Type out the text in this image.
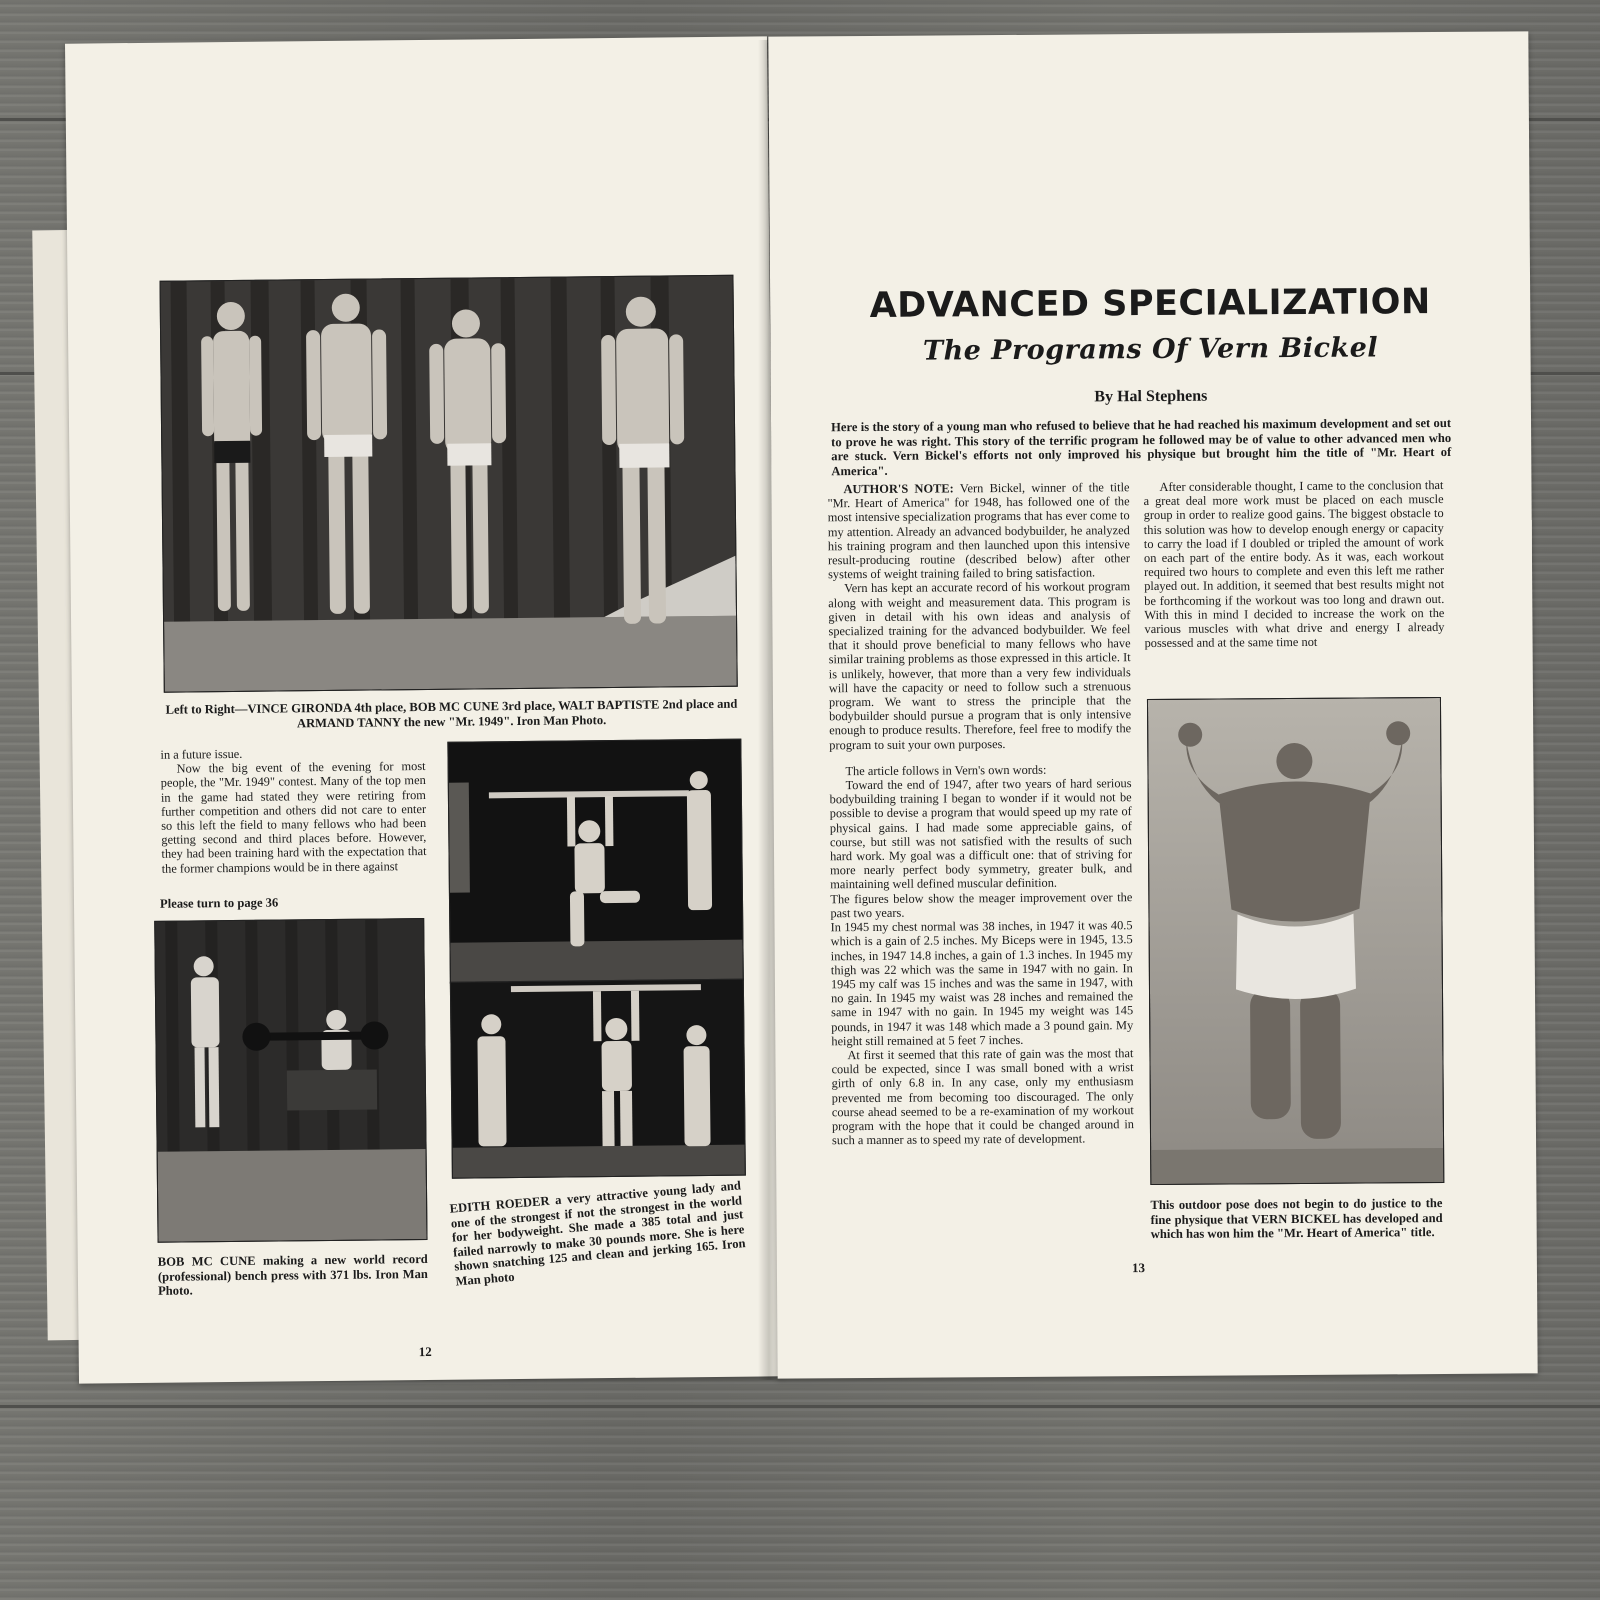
Left to Right—VINCE GIRONDA 4th place, BOB MC CUNE 3rd place, WALT BAPTISTE 2nd place and ARMAND TANNY the new "Mr. 1949". Iron Man Photo.

in a future issue.

Now the big event of the evening for most people, the "Mr. 1949" contest. Many of the top men in the game had stated they were retiring from further competition and others did not care to enter so this left the field to many fellows who had been getting second and third places before. However, they had been training hard with the expectation that the former champions would be in there against

Please turn to page 36
BOB MC CUNE making a new world record (professional) bench press with 371 lbs. Iron Man Photo.
EDITH ROEDER a very attractive young lady and one of the strongest if not the strongest in the world for her bodyweight. She made a 385 total and just failed narrowly to make 30 pounds more. She is here shown snatching 125 and clean and jerking 165. Iron Man photo
12
ADVANCED SPECIALIZATION
The Programs Of Vern Bickel
By Hal Stephens
Here is the story of a young man who refused to believe that he had reached his maximum development and set out to prove he was right. This story of the terrific program he followed may be of value to other advanced men who are stuck. Vern Bickel's efforts not only improved his physique but brought him the title of "Mr. Heart of America".

AUTHOR'S NOTE: Vern Bickel, winner of the title "Mr. Heart of America" for 1948, has followed one of the most intensive specialization programs that has ever come to my attention. Already an advanced bodybuilder, he analyzed his training program and then launched upon this intensive result-producing routine (described below) after other systems of weight training failed to bring satisfaction.

Vern has kept an accurate record of his workout program along with weight and measurement data. This program is given in detail with his own ideas and analysis of specialized training for the advanced bodybuilder. We feel that it should prove beneficial to many fellows who have similar training problems as those expressed in this article. It is unlikely, however, that more than a very few individuals will have the capacity or need to follow such a strenuous program. We want to stress the principle that the bodybuilder should pursue a program that is only intensive enough to produce results. Therefore, feel free to modify the program to suit your own purposes.

The article follows in Vern's own words:

Toward the end of 1947, after two years of hard serious bodybuilding training I began to wonder if it would not be possible to devise a program that would speed up my rate of physical gains. I had made some appreciable gains, of course, but still was not satisfied with the results of such hard work. My goal was a difficult one: that of striving for more nearly perfect body symmetry, greater bulk, and maintaining well defined muscular definition.

The figures below show the meager improvement over the past two years.

In 1945 my chest normal was 38 inches, in 1947 it was 40.5 which is a gain of 2.5 inches. My Biceps were in 1945, 13.5 inches, in 1947 14.8 inches, a gain of 1.3 inches. In 1945 my thigh was 22 which was the same in 1947 with no gain. In 1945 my calf was 15 inches and was the same in 1947, with no gain. In 1945 my waist was 28 inches and remained the same in 1947 with no gain. In 1945 my weight was 145 pounds, in 1947 it was 148 which made a 3 pound gain. My height still remained at 5 feet 7 inches.

At first it seemed that this rate of gain was the most that could be expected, since I was small boned with a wrist girth of only 6.8 in. In any case, only my enthusiasm prevented me from becoming too discouraged. The only course ahead seemed to be a re-examination of my workout program with the hope that it could be changed around in such a manner as to speed my rate of development.

After considerable thought, I came to the conclusion that a great deal more work must be placed on each muscle group in order to realize good gains. The biggest obstacle to this solution was how to develop enough energy or capacity to carry the load if I doubled or tripled the amount of work on each part of the entire body. As it was, each workout required two hours to complete and even this left me rather played out. In addition, it seemed that best results might not be forthcoming if the workout was too long and drawn out. With this in mind I decided to increase the work on the various muscles with what drive and energy I already possessed and at the same time not

This outdoor pose does not begin to do justice to the fine physique that VERN BICKEL has developed and which has won him the "Mr. Heart of America" title.
13
